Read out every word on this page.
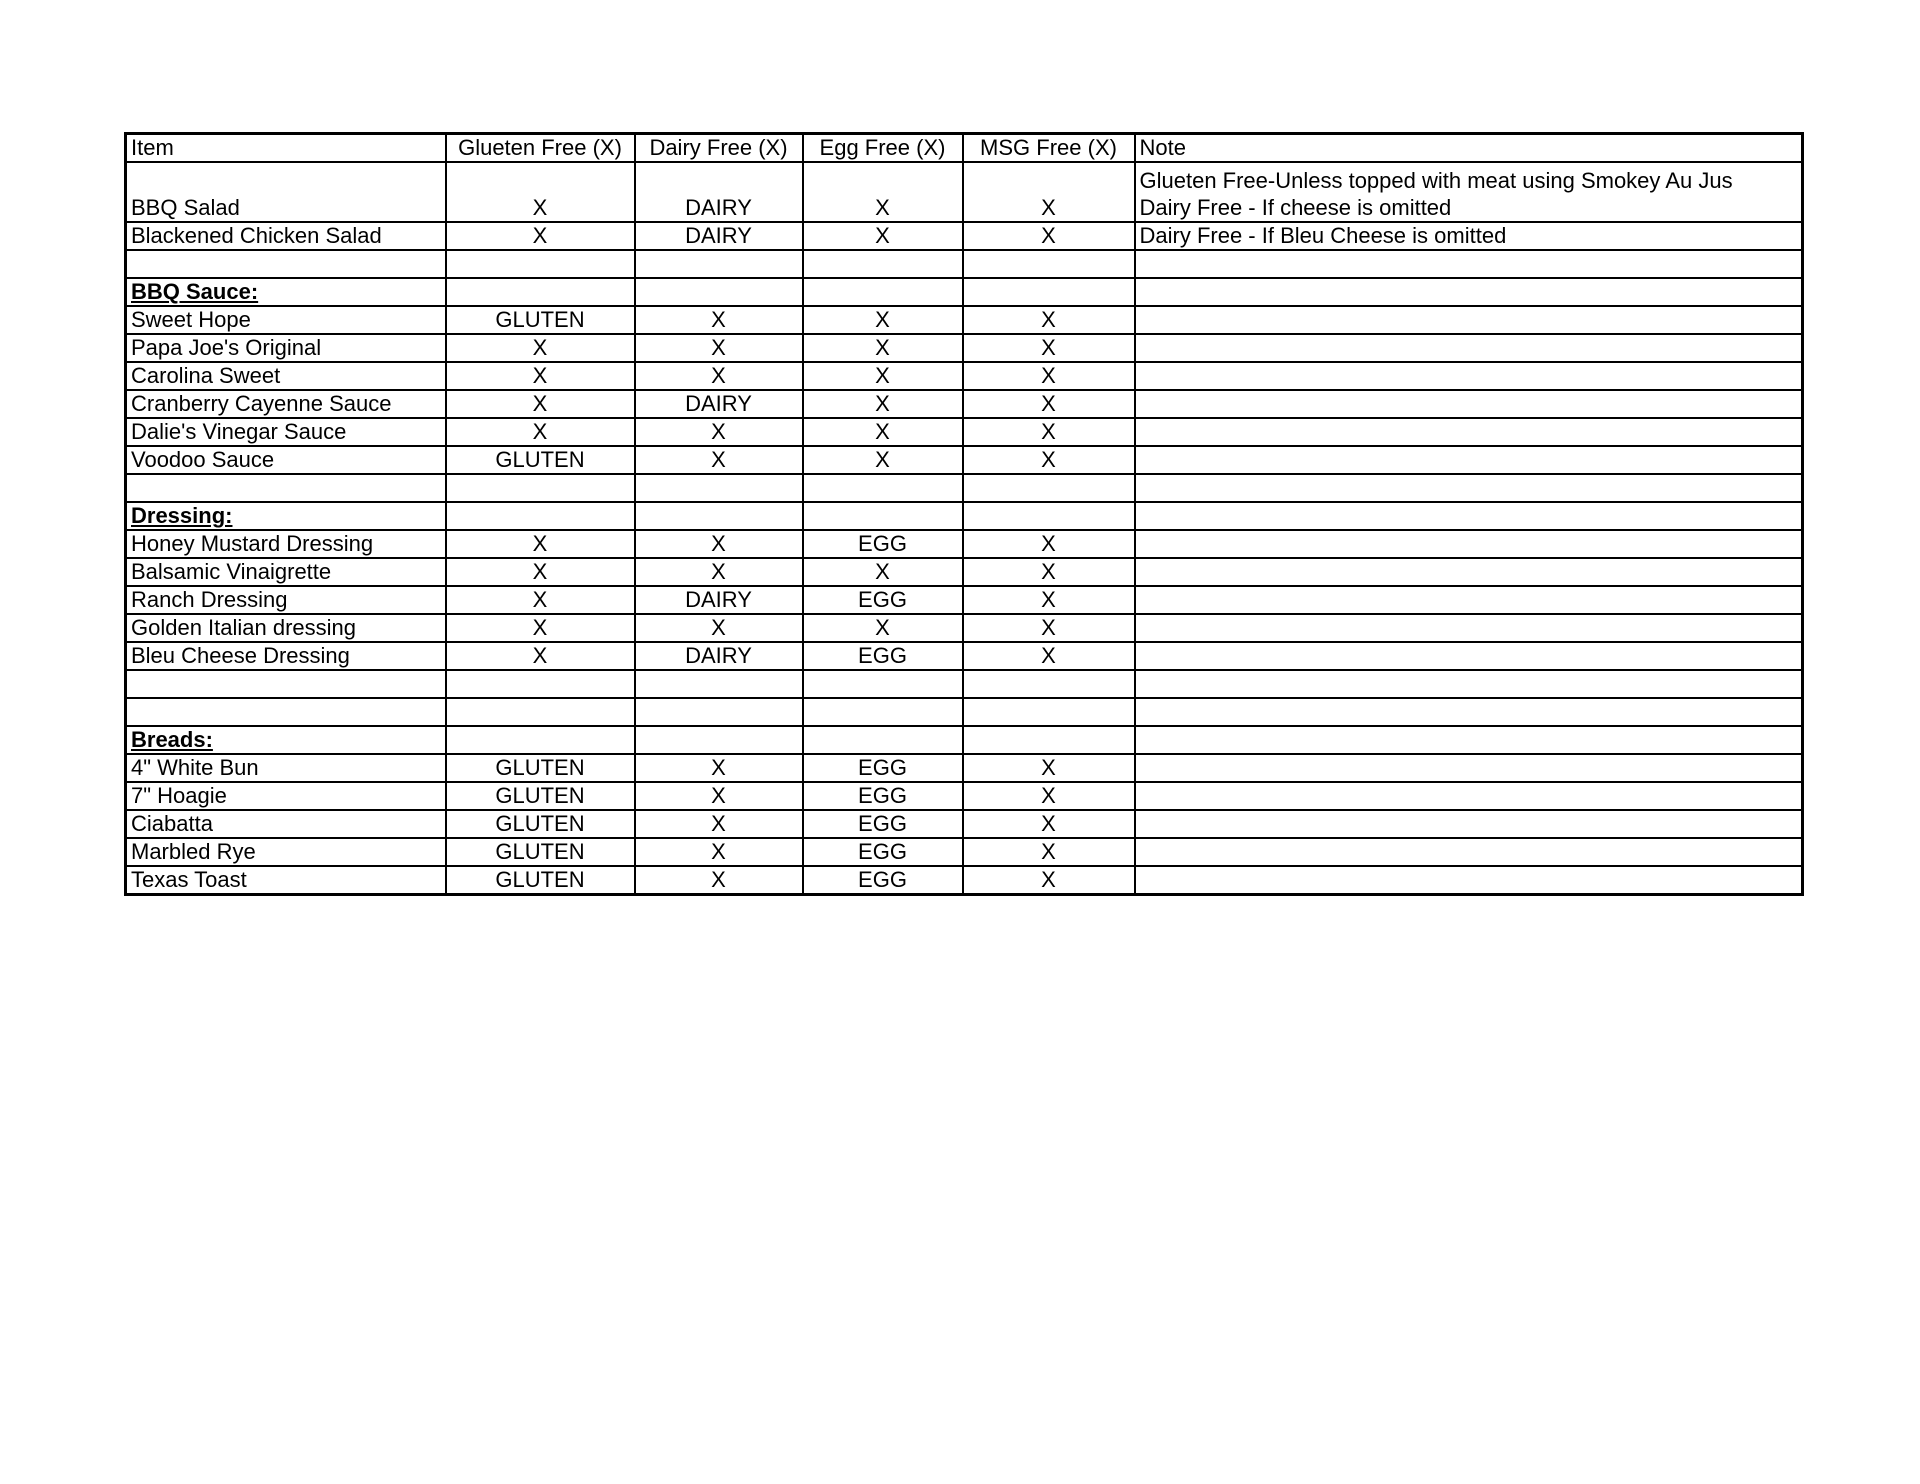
Item	Glueten Free (X)	Dairy Free (X)	Egg Free (X)	MSG Free (X)	Note
BBQ Salad	X	DAIRY	X	X	Glueten Free-Unless topped with meat using Smokey Au Jus
Dairy Free - If cheese is omitted

Blackened Chicken Salad	X	DAIRY	X	X	Dairy Free - If Bleu Cheese is omitted

BBQ Sauce:					
Sweet Hope	GLUTEN	X	X	X	
Papa Joe's Original	X	X	X	X	
Carolina Sweet	X	X	X	X	
Cranberry Cayenne Sauce	X	DAIRY	X	X	
Dalie's Vinegar Sauce	X	X	X	X	
Voodoo Sauce	GLUTEN	X	X	X	

Dressing:					
Honey Mustard Dressing	X	X	EGG	X	
Balsamic Vinaigrette	X	X	X	X	
Ranch Dressing	X	DAIRY	EGG	X	
Golden Italian dressing	X	X	X	X	
Bleu Cheese Dressing	X	DAIRY	EGG	X	

Breads:					
4" White Bun	GLUTEN	X	EGG	X	
7" Hoagie	GLUTEN	X	EGG	X	
Ciabatta	GLUTEN	X	EGG	X	
Marbled Rye	GLUTEN	X	EGG	X	
Texas Toast	GLUTEN	X	EGG	X	
